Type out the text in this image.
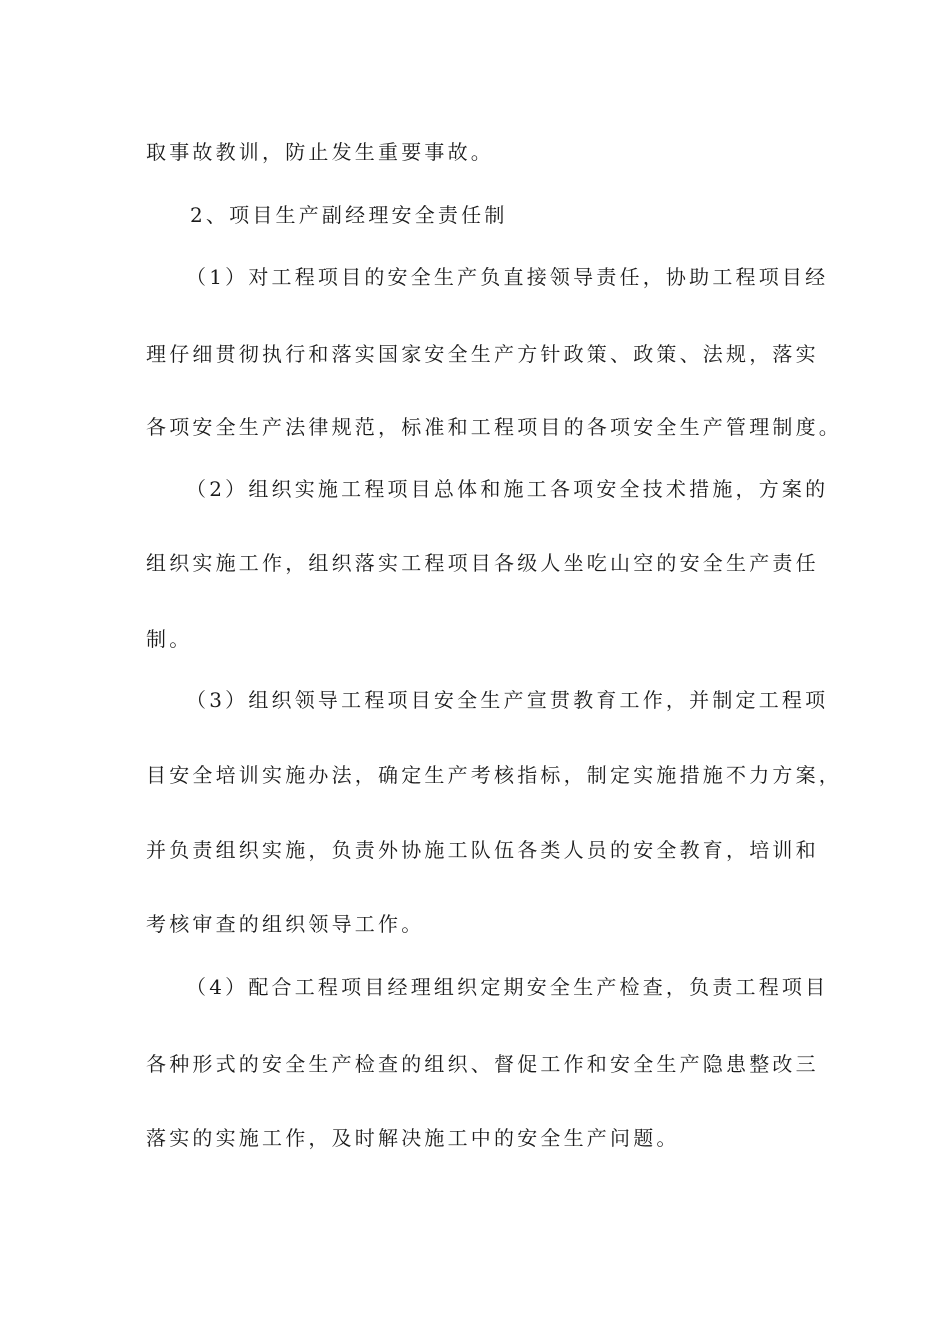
取事故教训，防止发生重要事故。
2、项目生产副经理安全责任制
（1）对工程项目的安全生产负直接领导责任，协助工程项目经
理仔细贯彻执行和落实国家安全生产方针政策、政策、法规，落实
各项安全生产法律规范，标准和工程项目的各项安全生产管理制度。
（2）组织实施工程项目总体和施工各项安全技术措施，方案的
组织实施工作，组织落实工程项目各级人坐吃山空的安全生产责任
制。
（3）组织领导工程项目安全生产宣贯教育工作，并制定工程项
目安全培训实施办法，确定生产考核指标，制定实施措施不力方案，
并负责组织实施，负责外协施工队伍各类人员的安全教育，培训和
考核审查的组织领导工作。
（4）配合工程项目经理组织定期安全生产检查，负责工程项目
各种形式的安全生产检查的组织、督促工作和安全生产隐患整改三
落实的实施工作，及时解决施工中的安全生产问题。
